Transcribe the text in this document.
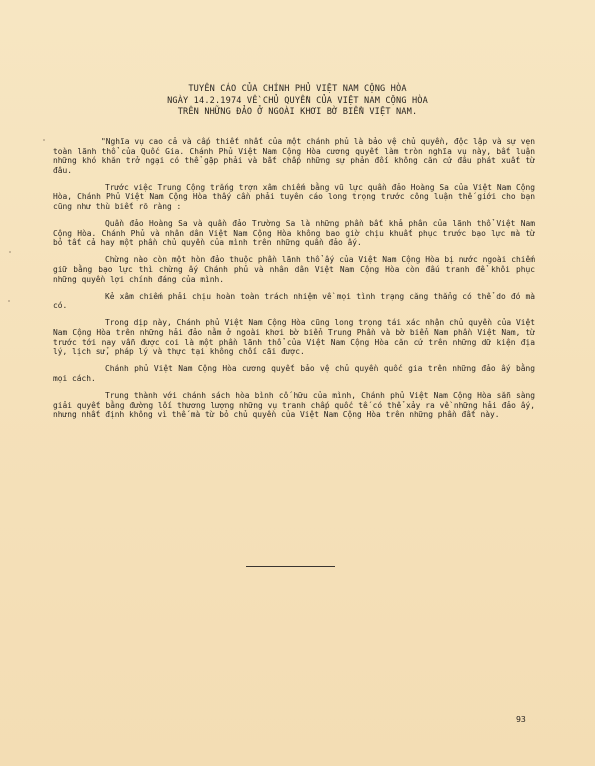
TUYÊN CÁO CỦA CHÍNH PHỦ VIỆT NAM CỘNG HÒA
NGÀY 14.2.1974 VỀ CHỦ QUYỀN CỦA VIỆT NAM CỘNG HÒA
TRÊN NHỮNG ĐẢO Ở NGOÀI KHƠI BỜ BIỂN VIỆT NAM.

"Nghĩa vụ cao cả và cấp thiết nhất của một chánh phủ là bảo vệ chủ quyền, độc lập và sự vẹn toàn lãnh thổ của Quốc Gia. Chánh Phủ Việt Nam Cộng Hòa cương quyết làm tròn nghĩa vụ này, bất luận những khó khăn trở ngại có thể gặp phải và bất chấp những sự phản đối không căn cứ đâu phát xuất từ đâu.

Trước việc Trung Cộng trắng trợn xâm chiếm bằng vũ lực quần đảo Hoàng Sa của Việt Nam Cộng Hòa, Chánh Phủ Việt Nam Cộng Hòa thấy cần phải tuyên cáo long trọng trước công luận thế giới cho bạn cũng như thù biết rõ ràng :

Quần đảo Hoàng Sa và quần đảo Trường Sa là những phần bất khả phân của lãnh thổ Việt Nam Cộng Hòa. Chánh Phủ và nhân dân Việt Nam Cộng Hòa không bao giờ chịu khuất phục trước bạo lực mà từ bỏ tất cả hay một phần chủ quyền của mình trên những quần đảo ấy.

Chừng nào còn một hòn đảo thuộc phần lãnh thổ ấy của Việt Nam Cộng Hòa bị nước ngoài chiếm giữ bằng bạo lực thì chừng ấy Chánh phủ và nhân dân Việt Nam Cộng Hòa còn đấu tranh để khôi phục những quyền lợi chính đáng của mình.

Kẻ xâm chiếm phải chịu hoàn toàn trách nhiệm về mọi tình trạng căng thẳng có thể do đó mà có.

Trong dịp này, Chánh phủ Việt Nam Cộng Hòa cũng long trọng tái xác nhận chủ quyền của Việt Nam Cộng Hòa trên những hải đảo nằm ở ngoài khơi bờ biển Trung Phần và bờ biển Nam phần Việt Nam, từ trước tới nay vẫn được coi là một phần lãnh thổ của Việt Nam Cộng Hòa căn cứ trên những dữ kiện địa lý, lịch sử, pháp lý và thực tại không chối cãi được.

Chánh phủ Việt Nam Cộng Hòa cương quyết bảo vệ chủ quyền quốc gia trên những đảo ấy bằng mọi cách.

Trung thành với chánh sách hòa bình cố hữu của mình, Chánh phủ Việt Nam Cộng Hòa sẵn sàng giải quyết bằng đường lối thương lượng những vụ tranh chấp quốc tế có thể xảy ra về những hải đảo ấy, nhưng nhất định không vì thế mà từ bỏ chủ quyền của Việt Nam Cộng Hòa trên những phần đất này.

93
